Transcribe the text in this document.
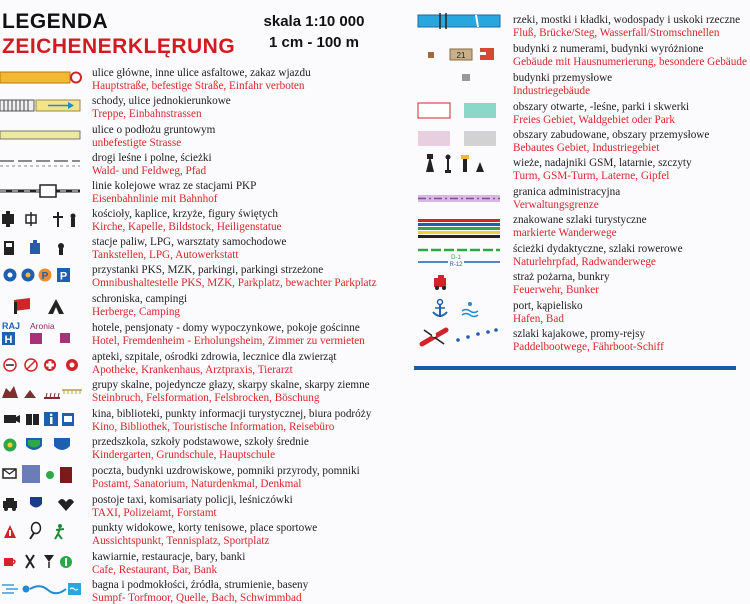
LEGENDA
ZEICHENERKLĘRUNG
skala 1:10 000
1 cm - 100 m
P P
RAJ Aronia
H
ulice główne, inne ulice asfaltowe, zakaz wjazdu
Hauptstraße, befestige Straße, Einfahr verboten
schody, ulice jednokierunkowe
Treppe, Einbahnstrassen
ulice o podłożu gruntowym
unbefestigte Strasse
drogi leśne i polne, ścieżki
Wald- und Feldweg, Pfad
linie kolejowe wraz ze stacjami PKP
Eisenbahnlinie mit Bahnhof
kościoły, kaplice, krzyże, figury świętych
Kirche, Kapelle, Bildstock, Heiligenstatue
stacje paliw, LPG, warsztaty samochodowe
Tankstellen, LPG, Autowerkstatt
przystanki PKS, MZK, parkingi, parkingi strzeżone
Omnibushaltestelle PKS, MZK, Parkplatz, bewachter Parkplatz
schroniska, campingi
Herberge, Camping
hotele, pensjonaty - domy wypoczynkowe, pokoje gościnne
Hotel, Fremdenheim - Erholungsheim, Zimmer zu vermieten
apteki, szpitale, ośrodki zdrowia, lecznice dla zwierząt
Apotheke, Krankenhaus, Arztpraxis, Tierarzt
grupy skalne, pojedyncze głazy, skarpy skalne, skarpy ziemne
Steinbruch, Felsformation, Felsbrocken, Böschung
kina, biblioteki, punkty informacji turystycznej, biura podróży
Kino, Bibliothek, Touristische Information, Reisebüro
przedszkola, szkoły podstawowe, szkoły średnie
Kindergarten, Grundschule, Hauptschule
poczta, budynki uzdrowiskowe, pomniki przyrody, pomniki
Postamt, Sanatorium, Naturdenkmal, Denkmal
postoje taxi, komisariaty policji, leśniczówki
TAXI, Polizeiamt, Forstamt
punkty widokowe, korty tenisowe, place sportowe
Aussichtspunkt, Tennisplatz, Sportplatz
kawiarnie, restauracje, bary, banki
Cafe, Restaurant, Bar, Bank
bagna i podmokłości, źródła, strumienie, baseny
Sumpf- Torfmoor, Quelle, Bach, Schwimmbad
21
D-1
R-12
rzeki, mostki i kładki, wodospady i uskoki rzeczne
Fluß, Brücke/Steg, Wasserfall/Stromschnellen
budynki z numerami, budynki wyróżnione
Gebäude mit Hausnumerierung, besondere Gebäude
budynki przemysłowe
Industriegebäude
obszary otwarte, -leśne, parki i skwerki
Freies Gebiet, Waldgebiet oder Park
obszary zabudowane, obszary przemysłowe
Bebautes Gebiet, Industriegebiet
wieże, nadajniki GSM, latarnie, szczyty
Turm, GSM-Turm, Laterne, Gipfel
granica administracyjna
Verwaltungsgrenze
znakowane szlaki turystyczne
markierte Wanderwege
ścieżki dydaktyczne, szlaki rowerowe
Naturlehrpfad, Radwanderwege
straż pożarna, bunkry
Feuerwehr, Bunker
port, kąpielisko
Hafen, Bad
szlaki kajakowe, promy-rejsy
Paddelbootwege, Fährboot-Schiff
